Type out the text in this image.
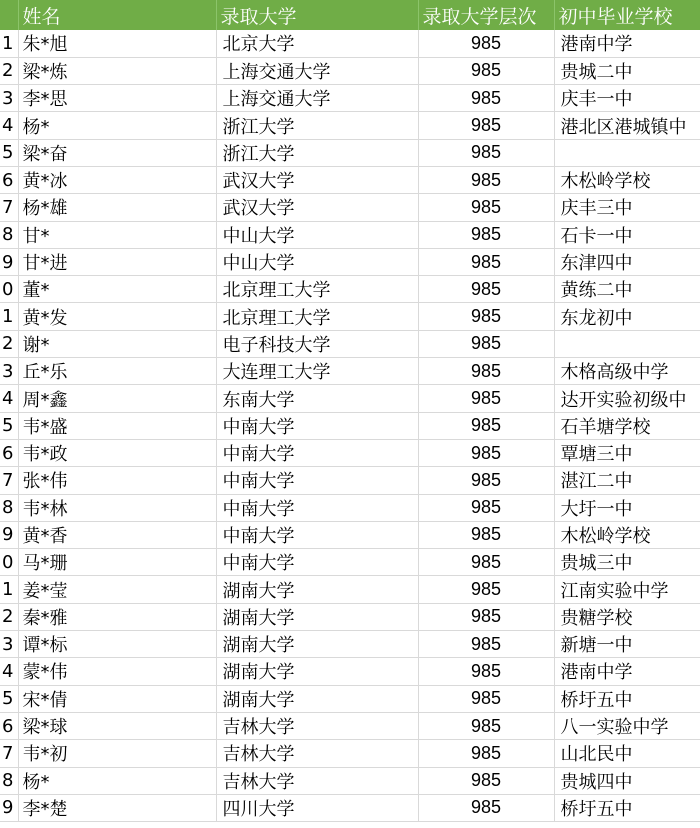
	姓名	录取大学	录取大学层次	初中毕业学校
1	朱*旭	北京大学	985	港南中学
2	梁*炼	上海交通大学	985	贵城二中
3	李*思	上海交通大学	985	庆丰一中
4	杨*	浙江大学	985	港北区港城镇中
5	梁*奋	浙江大学	985	
6	黄*冰	武汉大学	985	木松岭学校
7	杨*雄	武汉大学	985	庆丰三中
8	甘*	中山大学	985	石卡一中
9	甘*进	中山大学	985	东津四中
0	董*	北京理工大学	985	黄练二中
1	黄*发	北京理工大学	985	东龙初中
2	谢*	电子科技大学	985	
3	丘*乐	大连理工大学	985	木格高级中学
4	周*鑫	东南大学	985	达开实验初级中
5	韦*盛	中南大学	985	石羊塘学校
6	韦*政	中南大学	985	覃塘三中
7	张*伟	中南大学	985	湛江二中
8	韦*林	中南大学	985	大圩一中
9	黄*香	中南大学	985	木松岭学校
0	马*珊	中南大学	985	贵城三中
1	姜*莹	湖南大学	985	江南实验中学
2	秦*雅	湖南大学	985	贵糖学校
3	谭*标	湖南大学	985	新塘一中
4	蒙*伟	湖南大学	985	港南中学
5	宋*倩	湖南大学	985	桥圩五中
6	梁*球	吉林大学	985	八一实验中学
7	韦*初	吉林大学	985	山北民中
8	杨*	吉林大学	985	贵城四中
9	李*楚	四川大学	985	桥圩五中
